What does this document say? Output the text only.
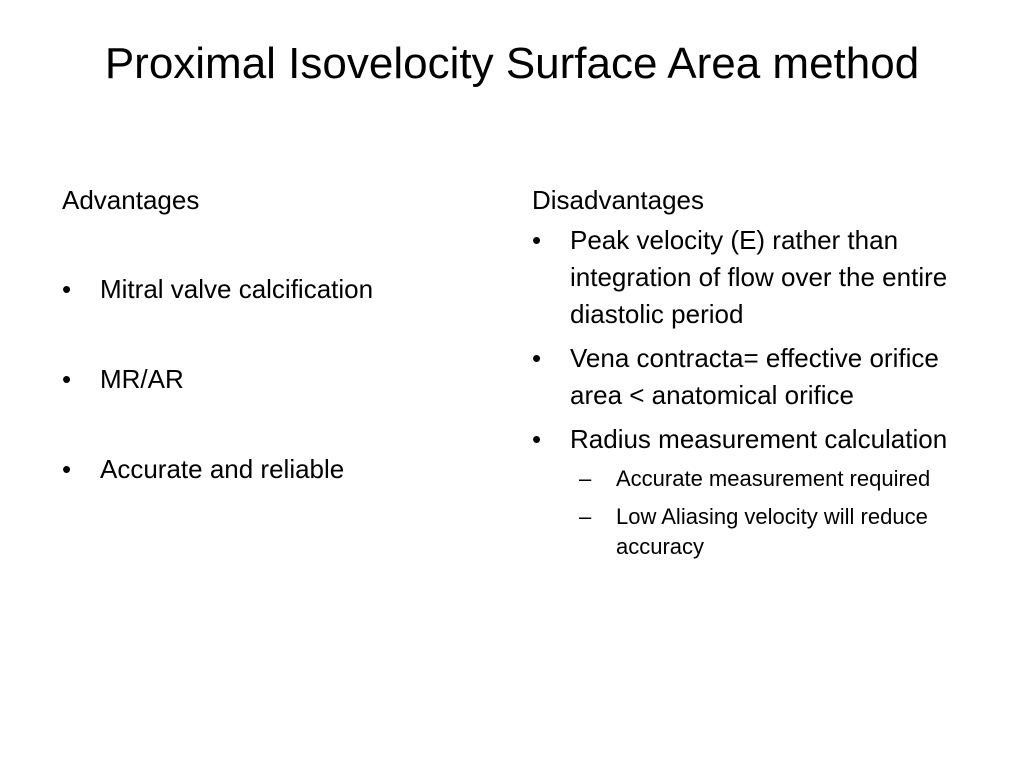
Proximal Isovelocity Surface Area method
Advantages
•	Mitral valve calcification
•	MR/AR
•	Accurate and reliable
Disadvantages
•	Peak velocity (E) rather than integration of flow over the entire diastolic period
•	Vena contracta= effective orifice area < anatomical orifice
•	Radius measurement calculation
– Accurate measurement required
– Low Aliasing velocity will reduce accuracy
